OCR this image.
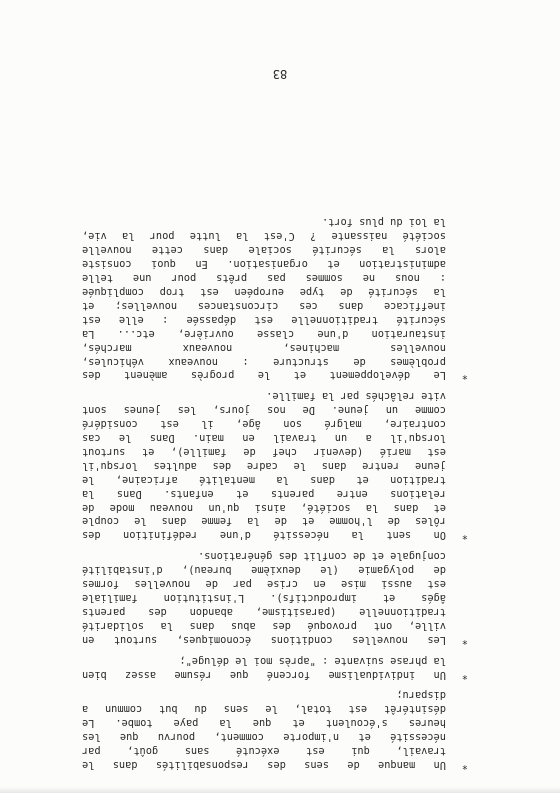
*
Un manque de sens des responsabilités dans le
travail, qui est exécuté sans goût, par
nécessité et n'importe comment, pourvu que les
heures s'écoulent et que la paye tombe. Le
désintérêt est total, le sens du but commun a
disparu;
*
Un individualisme forcené que résume assez bien
la phrase suivante : "après moi le déluge";
*
Les nouvelles conditions économiques, surtout en
ville, ont provoqué des abus dans la solidarité
traditionnelle (parasitisme, abandon des parents
âgés et improductifs). L'institution familiale
est aussi mise en crise par de nouvelles formes
de polygamie (le deuxième bureau), d'instabilité
conjugale et de conflit des générations.
*
On sent la nécessité d'une redéfinition des
rôles de l'homme et de la femme dans le couple
et dans la société, ainsi qu'un nouveau mode de
relations entre parents et enfants. Dans la
tradition et dans la mentalité africaine, le
jeune rentre dans le cadre des adultes lorsqu'il
est marié (devenir chef de famille), et surtout
lorsqu'il a un travail en main. Dans le cas
contraire, malgré son âge, il est considéré
comme un jeune. De nos jours, les jeunes sont
vite relâchés par la famille.
*
Le développement et le progrès amènent des
problèmes de structure : nouveaux véhicules,
nouvelles machines, nouveaux marchés,
instauration d'une classe ouvrière, etc... La
sécurité traditionnelle est dépassée : elle est
inefficace dans ces circonstances nouvelles; et
la sécurité de type européen est trop compliquée
: nous ne sommes pas prêts pour une telle
administration et organisation. En quoi consiste
alors la sécurité sociale dans cette nouvelle
société naissante ? C'est la lutte pour la vie,
la loi du plus fort.
83
